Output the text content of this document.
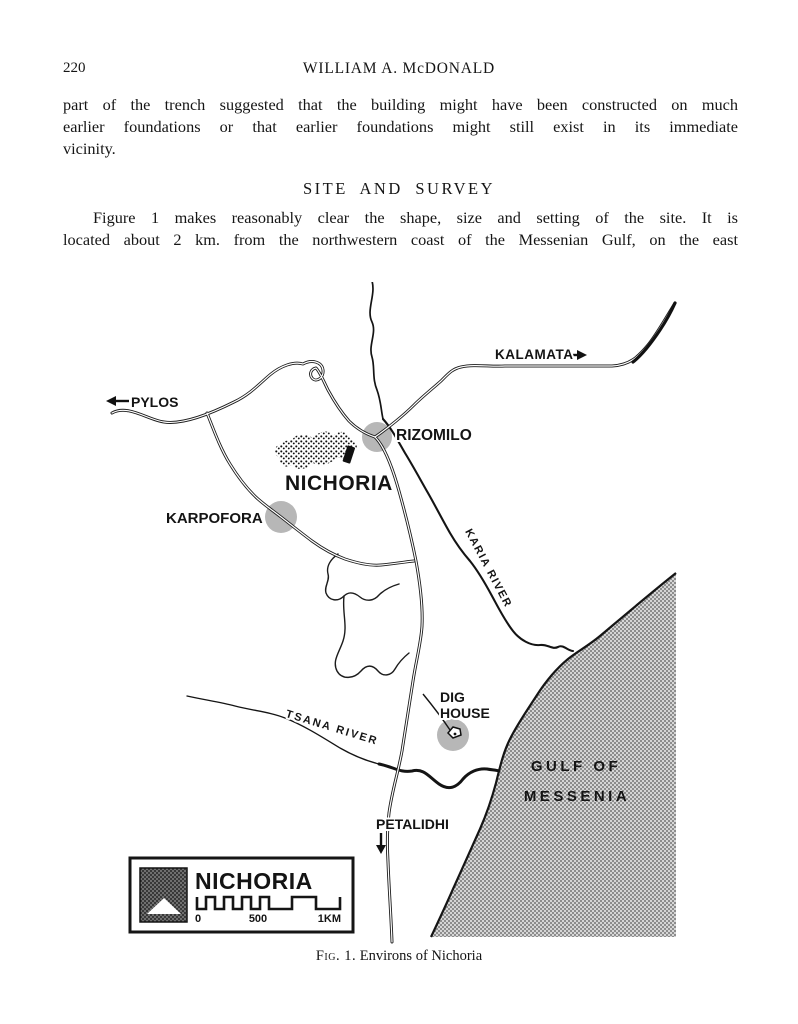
220	WILLIAM A. McDONALD
part of the trench suggested that the building might have been constructed on much
earlier foundations or that earlier foundations might still exist in its immediate
vicinity.
SITE AND SURVEY
Figure 1 makes reasonably clear the shape, size and setting of the site. It is
located about 2 km. from the northwestern coast of the Messenian Gulf, on the east
KALAMATA
PYLOS
RIZOMILO
NICHORIA
KARPOFORA
KARIA RIVER
DIG
HOUSE
TSANA RIVER
GULF OF
MESSENIA
PETALIDHI
NICHORIA
0	500	1KM
Fig. 1. Environs of Nichoria
